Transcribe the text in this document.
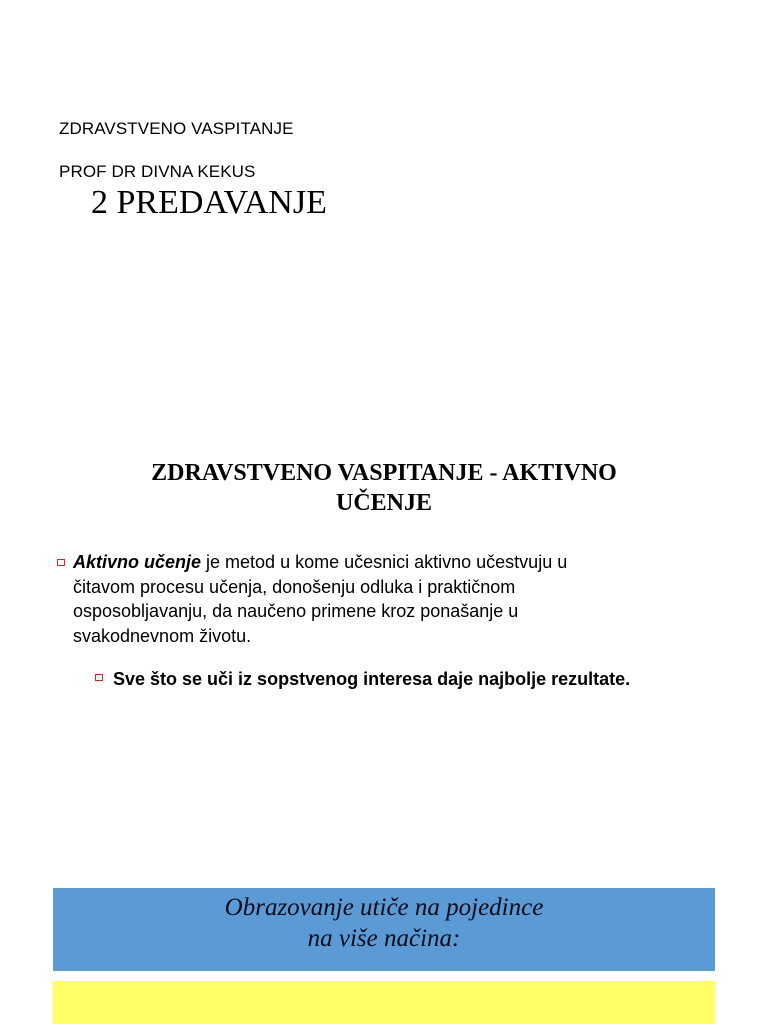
ZDRAVSTVENO VASPITANJE
PROF DR DIVNA KEKUS
2 PREDAVANJE
ZDRAVSTVENO VASPITANJE - AKTIVNO
UČENJE
Aktivno učenje je metod u kome učesnici aktivno učestvuju u
čitavom procesu učenja, donošenju odluka i praktičnom
osposobljavanju, da naučeno primene kroz ponašanje u
svakodnevnom životu.
Sve što se uči iz sopstvenog interesa daje najbolje rezultate.
Obrazovanje utiče na pojedince
na više načina:
